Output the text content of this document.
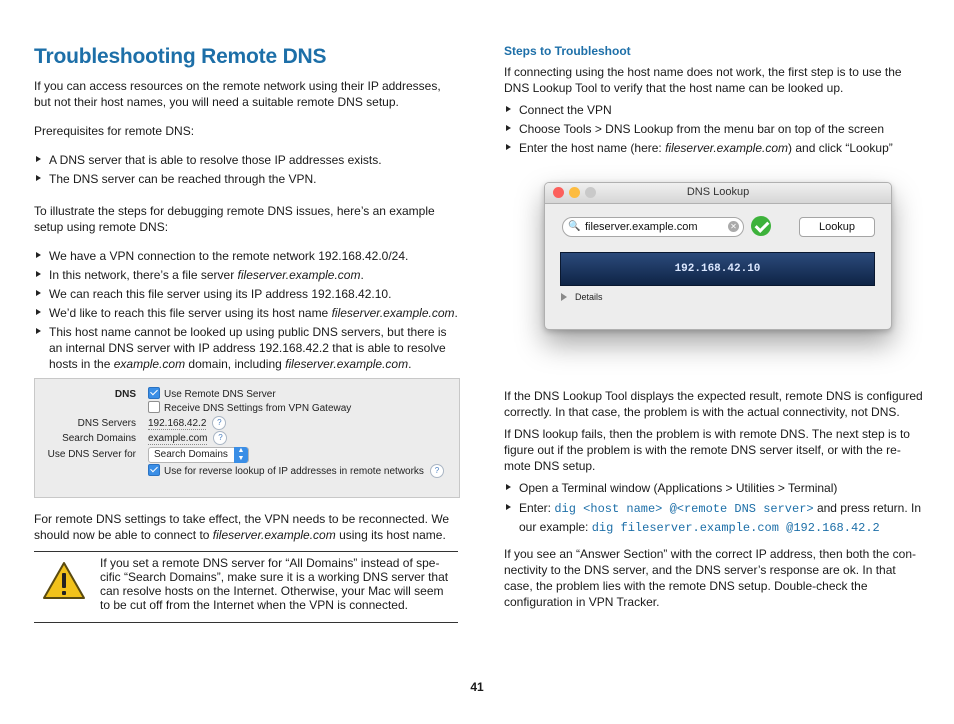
Troubleshooting Remote DNS

If you can access resources on the remote network using their IP addresses, but not their host names, you will need a suitable remote DNS setup.

Prerequisites for remote DNS:

A DNS server that is able to resolve those IP addresses exists.
The DNS server can be reached through the VPN.

To illustrate the steps for debugging remote DNS issues, here’s an example setup using remote DNS:

We have a VPN connection to the remote network 192.168.42.0/24.
In this network, there’s a file server fileserver.example.com.
We can reach this file server using its IP address 192.168.42.10.
We’d like to reach this file server using its host name fileserver.example.com.
This host name cannot be looked up using public DNS servers, but there is an internal DNS server with IP address 192.168.42.2 that is able to resolve hosts in the example.com domain, including fileserver.example.com.
DNS	Use Remote DNS Server
Receive DNS Settings from VPN Gateway
DNS Servers 192.168.42.2 ?
Search Domains example.com ?
Use DNS Server for	Search Domains	▲
▼
Use for reverse lookup of IP addresses in remote networks ?

For remote DNS settings to take effect, the VPN needs to be reconnected. We should now be able to connect to fileserver.example.com using its host name.

If you set a remote DNS server for “All Domains” instead of spe-cific “Search Domains”, make sure it is a working DNS server that can resolve hosts on the Internet. Otherwise, your Mac will seem to be cut off from the Internet when the VPN is connected.
Steps to Troubleshoot

If connecting using the host name does not work, the first step is to use the DNS Lookup Tool to verify that the host name can be looked up.

Connect the VPN
Choose Tools > DNS Lookup from the menu bar on top of the screen
Enter the host name (here: fileserver.example.com) and click “Lookup”
DNS Lookup
🔍 fileserver.example.com	✕	Lookup
192.168.42.10
Details

If the DNS Lookup Tool displays the expected result, remote DNS is configured correctly. In that case, the problem is with the actual connectivity, not DNS.

If DNS lookup fails, then the problem is with remote DNS. The next step is to figure out if the problem is with the remote DNS server itself, or with the re-mote DNS setup.

Open a Terminal window (Applications > Utilities > Terminal)
Enter: dig <host name> @<remote DNS server> and press return. In our example: dig fileserver.example.com @192.168.42.2

If you see an “Answer Section” with the correct IP address, then both the con-nectivity to the DNS server, and the DNS server’s response are ok. In that case, the problem lies with the remote DNS setup. Double-check the configuration in VPN Tracker.

41
